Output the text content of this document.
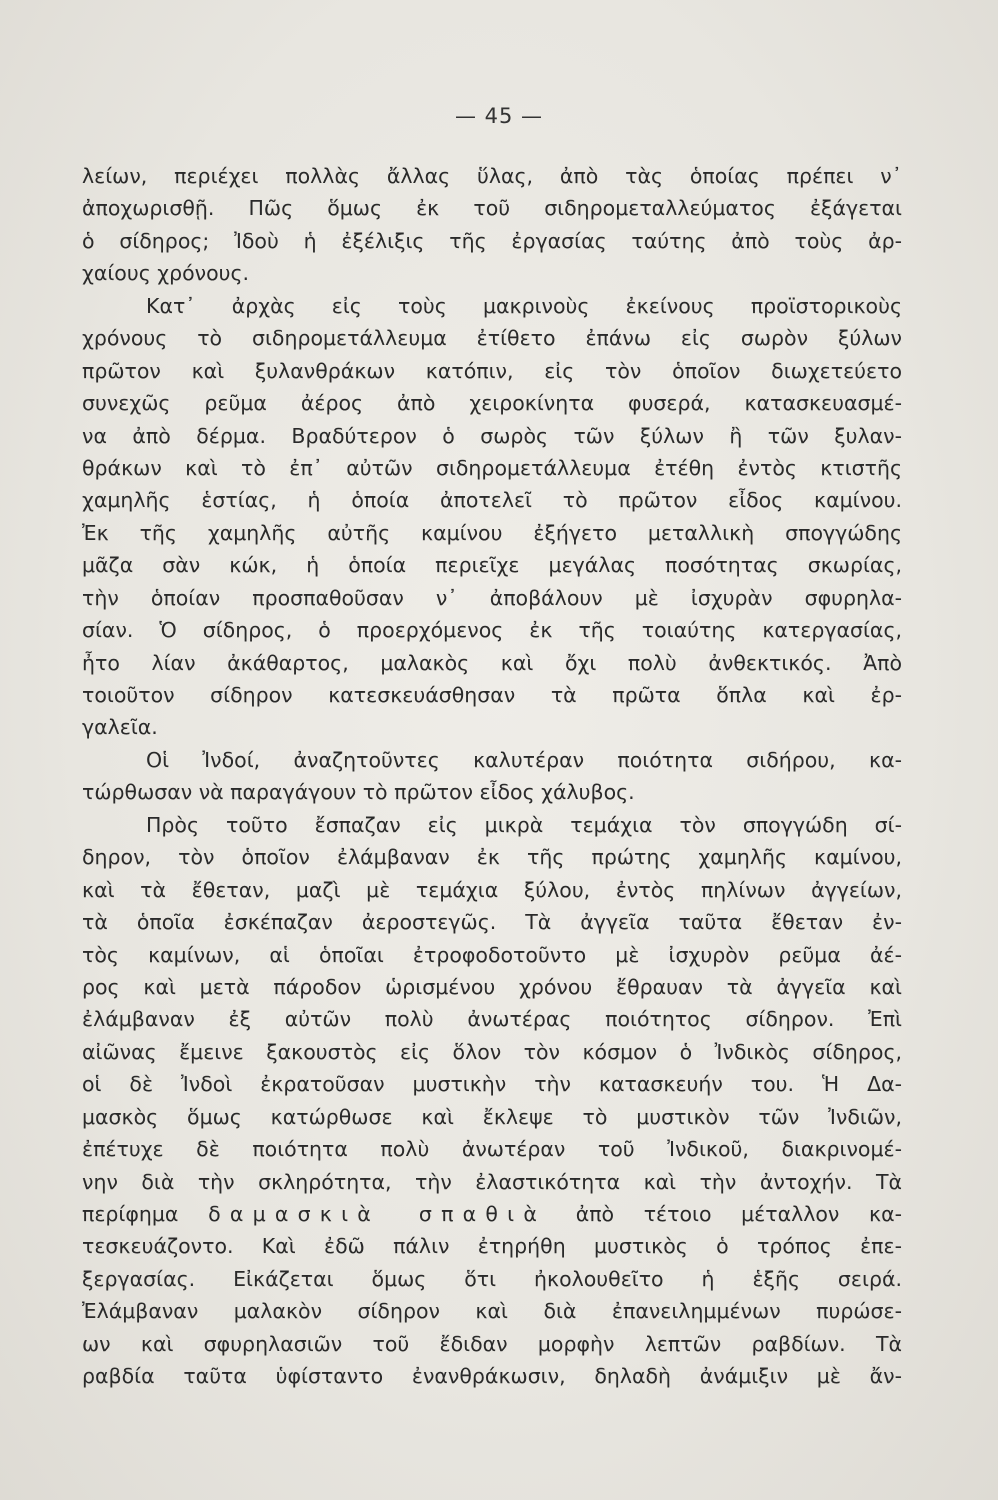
— 45 —
λείων, περιέχει πολλὰς ἄλλας ὕλας, ἀπὸ τὰς ὁποίας πρέπει ν᾽
ἀποχωρισθῇ. Πῶς ὅμως ἐκ τοῦ σιδηρομεταλλεύματος ἐξάγεται
ὁ σίδηρος; Ἰδοὺ ἡ ἐξέλιξις τῆς ἐργασίας ταύτης ἀπὸ τοὺς ἀρ-
χαίους χρόνους.
Κατ᾽ ἀρχὰς εἰς τοὺς μακρινοὺς ἐκείνους προϊστορικοὺς
χρόνους τὸ σιδηρομετάλλευμα ἐτίθετο ἐπάνω εἰς σωρὸν ξύλων
πρῶτον καὶ ξυλανθράκων κατόπιν, εἰς τὸν ὁποῖον διωχετεύετο
συνεχῶς ρεῦμα ἀέρος ἀπὸ χειροκίνητα φυσερά, κατασκευασμέ-
να ἀπὸ δέρμα. Βραδύτερον ὁ σωρὸς τῶν ξύλων ἢ τῶν ξυλαν-
θράκων καὶ τὸ ἐπ᾽ αὐτῶν σιδηρομετάλλευμα ἐτέθη ἐντὸς κτιστῆς
χαμηλῆς ἑστίας, ἡ ὁποία ἀποτελεῖ τὸ πρῶτον εἶδος καμίνου.
Ἐκ τῆς χαμηλῆς αὐτῆς καμίνου ἐξήγετο μεταλλικὴ σπογγώδης
μᾶζα σὰν κώκ, ἡ ὁποία περιεῖχε μεγάλας ποσότητας σκωρίας,
τὴν ὁποίαν προσπαθοῦσαν ν᾽ ἀποβάλουν μὲ ἰσχυρὰν σφυρηλα-
σίαν. Ὁ σίδηρος, ὁ προερχόμενος ἐκ τῆς τοιαύτης κατεργασίας,
ἦτο λίαν ἀκάθαρτος, μαλακὸς καὶ ὄχι πολὺ ἀνθεκτικός. Ἀπὸ
τοιοῦτον σίδηρον κατεσκευάσθησαν τὰ πρῶτα ὅπλα καὶ ἐρ-
γαλεῖα.
Οἱ Ἰνδοί, ἀναζητοῦντες καλυτέραν ποιότητα σιδήρου, κα-
τώρθωσαν νὰ παραγάγουν τὸ πρῶτον εἶδος χάλυβος.
Πρὸς τοῦτο ἔσπαζαν εἰς μικρὰ τεμάχια τὸν σπογγώδη σί-
δηρον, τὸν ὁποῖον ἐλάμβαναν ἐκ τῆς πρώτης χαμηλῆς καμίνου,
καὶ τὰ ἔθεταν, μαζὶ μὲ τεμάχια ξύλου, ἐντὸς πηλίνων ἀγγείων,
τὰ ὁποῖα ἐσκέπαζαν ἀεροστεγῶς. Τὰ ἀγγεῖα ταῦτα ἔθεταν ἐν-
τὸς καμίνων, αἱ ὁποῖαι ἐτροφοδοτοῦντο μὲ ἰσχυρὸν ρεῦμα ἀέ-
ρος καὶ μετὰ πάροδον ὡρισμένου χρόνου ἔθραυαν τὰ ἀγγεῖα καὶ
ἐλάμβαναν ἐξ αὐτῶν πολὺ ἀνωτέρας ποιότητος σίδηρον. Ἐπὶ
αἰῶνας ἔμεινε ξακουστὸς εἰς ὅλον τὸν κόσμον ὁ Ἰνδικὸς σίδηρος,
οἱ δὲ Ἰνδοὶ ἐκρατοῦσαν μυστικὴν τὴν κατασκευήν του. Ἡ Δα-
μασκὸς ὅμως κατώρθωσε καὶ ἔκλεψε τὸ μυστικὸν τῶν Ἰνδιῶν,
ἐπέτυχε δὲ ποιότητα πολὺ ἀνωτέραν τοῦ Ἰνδικοῦ, διακρινομέ-
νην διὰ τὴν σκληρότητα, τὴν ἐλαστικότητα καὶ τὴν ἀντοχήν. Τὰ
περίφημα δαμασκιὰ σπαθιὰ ἀπὸ τέτοιο μέταλλον κα-
τεσκευάζοντο. Καὶ ἐδῶ πάλιν ἐτηρήθη μυστικὸς ὁ τρόπος ἐπε-
ξεργασίας. Εἰκάζεται ὅμως ὅτι ἠκολουθεῖτο ἡ ἑξῆς σειρά.
Ἐλάμβαναν μαλακὸν σίδηρον καὶ διὰ ἐπανειλημμένων πυρώσε-
ων καὶ σφυρηλασιῶν τοῦ ἔδιδαν μορφὴν λεπτῶν ραβδίων. Τὰ
ραβδία ταῦτα ὑφίσταντο ἐνανθράκωσιν, δηλαδὴ ἀνάμιξιν μὲ ἄν-
